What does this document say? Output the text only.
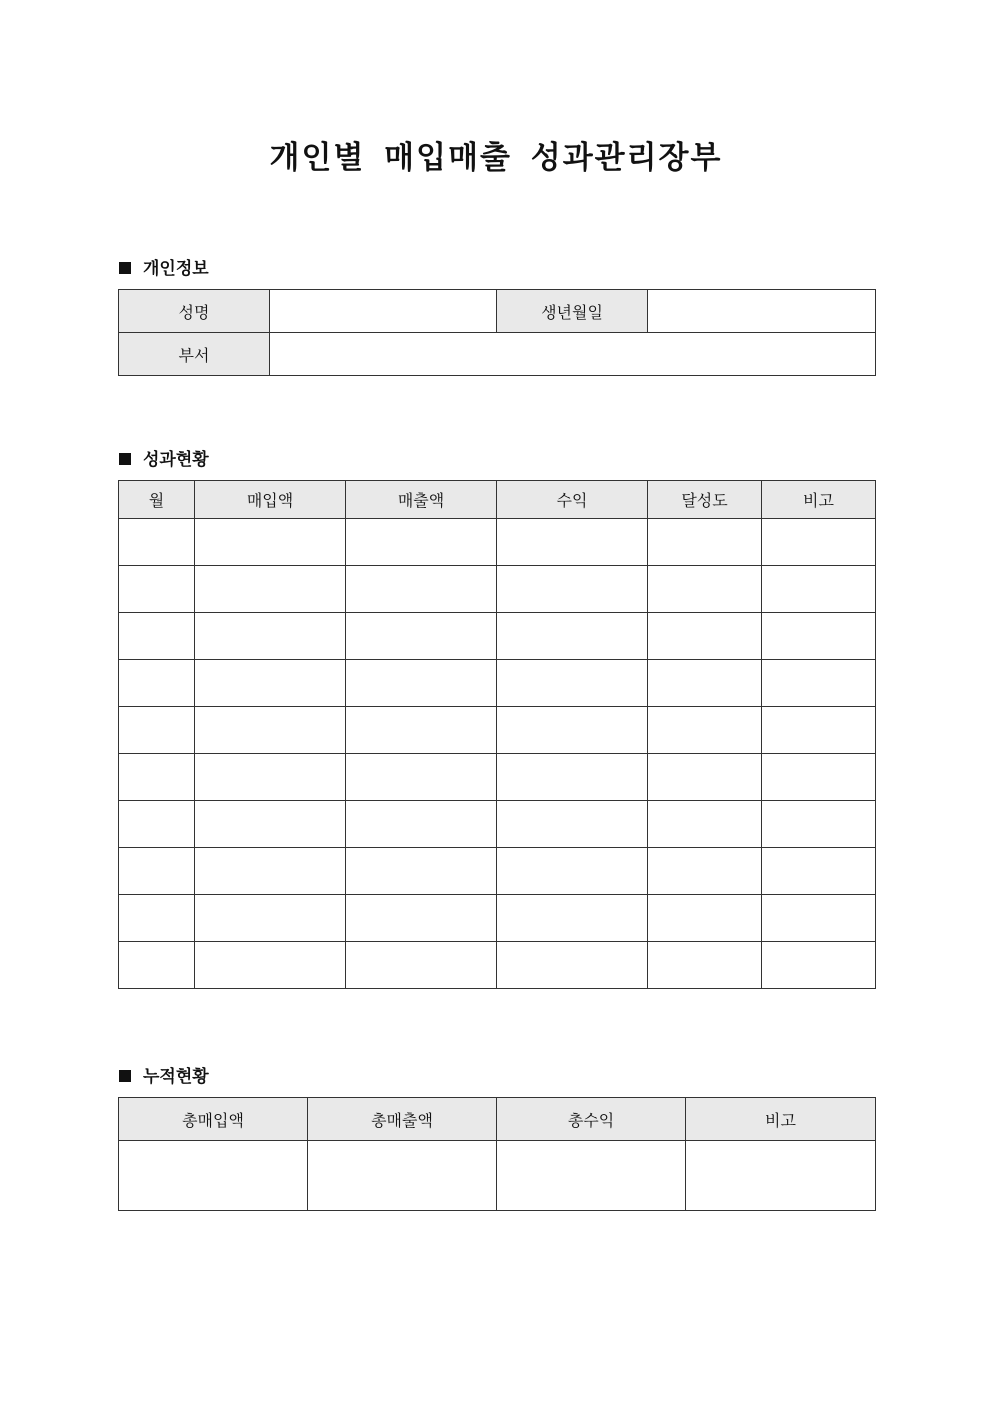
개인별 매입매출 성과관리장부
개인정보
성명		생년월일	
부서			
성과현황
월	매입액	매출액	수익	달성도	비고

누적현황
총매입액	총매출액	총수익	비고
